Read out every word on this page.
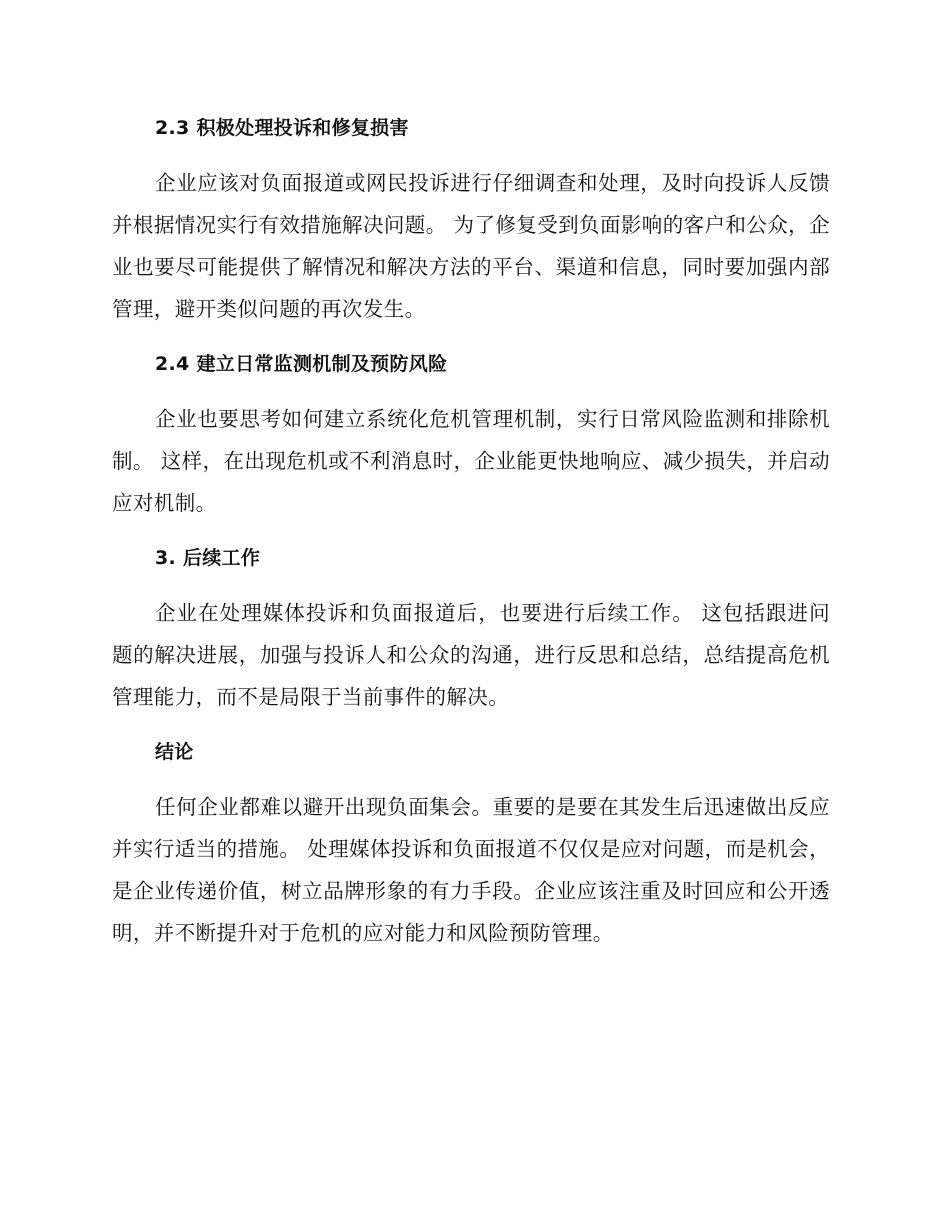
2.3 积极处理投诉和修复损害

企业应该对负面报道或网民投诉进行仔细调查和处理，及时向投诉人反馈并根据情况实行有效措施解决问题。 为了修复受到负面影响的客户和公众，企业也要尽可能提供了解情况和解决方法的平台、渠道和信息，同时要加强内部管理，避开类似问题的再次发生。

2.4 建立日常监测机制及预防风险

企业也要思考如何建立系统化危机管理机制，实行日常风险监测和排除机制。 这样，在出现危机或不利消息时，企业能更快地响应、减少损失，并启动应对机制。

3. 后续工作

企业在处理媒体投诉和负面报道后，也要进行后续工作。 这包括跟进问题的解决进展，加强与投诉人和公众的沟通，进行反思和总结，总结提高危机管理能力，而不是局限于当前事件的解决。

结论

任何企业都难以避开出现负面集会。重要的是要在其发生后迅速做出反应并实行适当的措施。 处理媒体投诉和负面报道不仅仅是应对问题，而是机会，是企业传递价值，树立品牌形象的有力手段。企业应该注重及时回应和公开透明，并不断提升对于危机的应对能力和风险预防管理。
